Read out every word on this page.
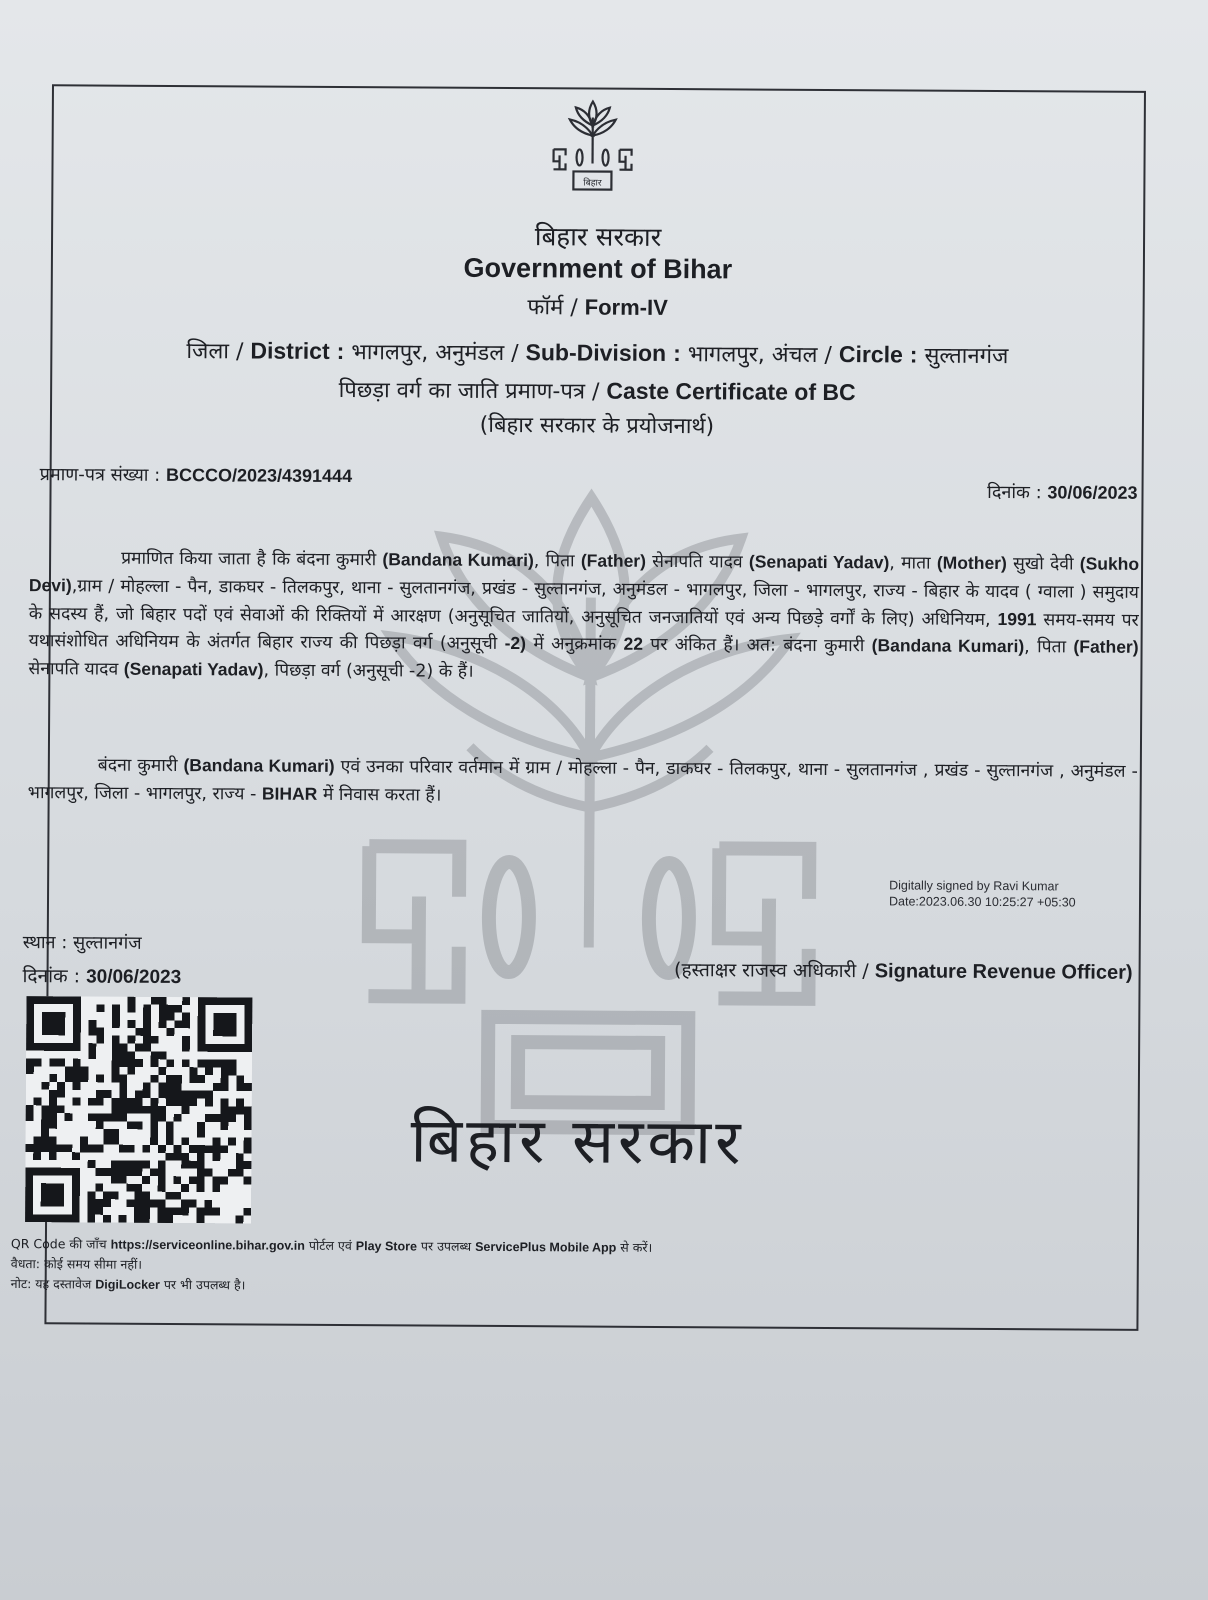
बिहार सरकार
बिहार
बिहार सरकार
Government of Bihar
फॉर्म / Form-IV
जिला / District : भागलपुर, अनुमंडल / Sub-Division : भागलपुर, अंचल / Circle : सुल्तानगंज
पिछड़ा वर्ग का जाति प्रमाण-पत्र / Caste Certificate of BC
(बिहार सरकार के प्रयोजनार्थ)
प्रमाण-पत्र संख्या : BCCCO/2023/4391444
दिनांक : 30/06/2023
प्रमाणित किया जाता है कि बंदना कुमारी (Bandana Kumari), पिता (Father) सेनापति यादव (Senapati Yadav), माता (Mother) सुखो देवी (Sukho Devi),ग्राम / मोहल्ला - पैन, डाकघर - तिलकपुर, थाना - सुलतानगंज, प्रखंड - सुल्तानगंज, अनुमंडल - भागलपुर, जिला - भागलपुर, राज्य - बिहार के यादव ( ग्वाला ) समुदाय के सदस्य हैं, जो बिहार पदों एवं सेवाओं की रिक्तियों में आरक्षण (अनुसूचित जातियों, अनुसूचित जनजातियों एवं अन्य पिछड़े वर्गों के लिए) अधिनियम, 1991 समय-समय पर यथासंशोधित अधिनियम के अंतर्गत बिहार राज्य की पिछड़ा वर्ग (अनुसूची -2) में अनुक्रमांक 22 पर अंकित हैं। अत: बंदना कुमारी (Bandana Kumari), पिता (Father) सेनापति यादव (Senapati Yadav), पिछड़ा वर्ग (अनुसूची -2) के हैं।
बंदना कुमारी (Bandana Kumari) एवं उनका परिवार वर्तमान में ग्राम / मोहल्ला - पैन, डाकघर - तिलकपुर, थाना - सुलतानगंज , प्रखंड - सुल्तानगंज , अनुमंडल - भागलपुर, जिला - भागलपुर, राज्य - BIHAR में निवास करता हैं।
Digitally signed by Ravi Kumar
Date:2023.06.30 10:25:27 +05:30
स्थान : सुल्तानगंज
दिनांक : 30/06/2023	(हस्ताक्षर राजस्व अधिकारी / Signature Revenue Officer)
QR Code की जाँच https://serviceonline.bihar.gov.in पोर्टल एवं Play Store पर उपलब्ध ServicePlus Mobile App से करें।
वैधता: कोई समय सीमा नहीं।
नोट: यह दस्तावेज DigiLocker पर भी उपलब्ध है।
